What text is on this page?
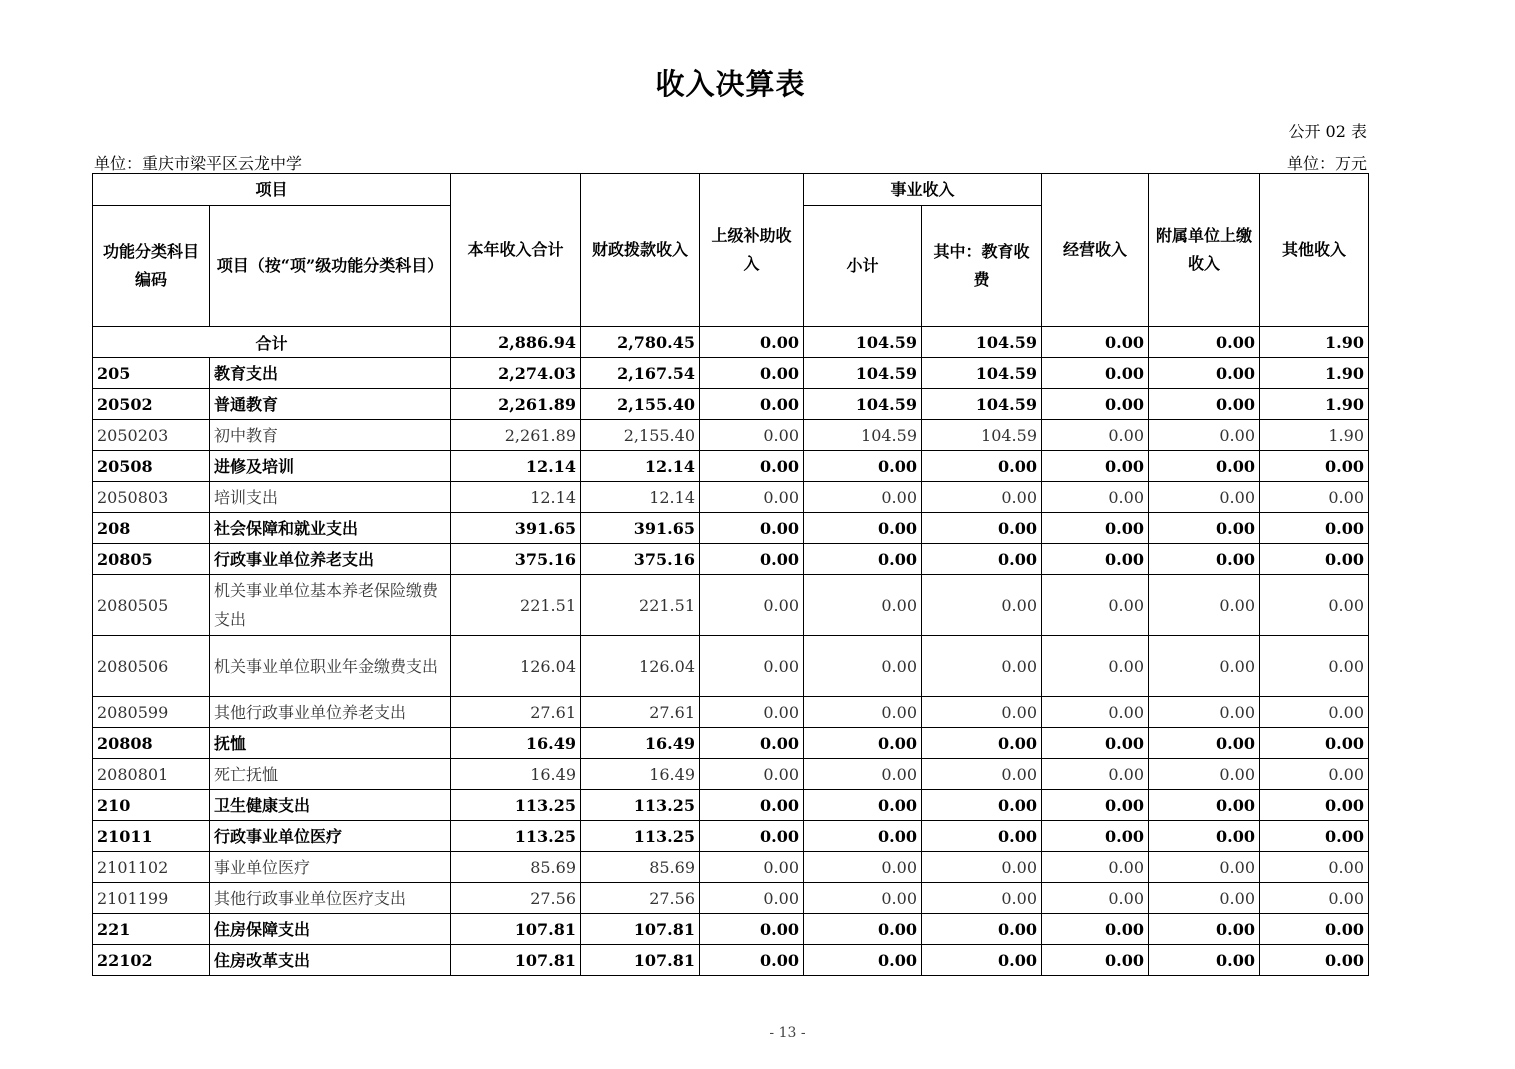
收入决算表
公开 02 表
单位：重庆市梁平区云龙中学	单位：万元
项目		本年收入合计	财政拨款收入	上级补助收入	事业收入		经营收入	附属单位上缴收入	其他收入
功能分类科目编码	项目（按“项”级功能分类科目）				小计	其中：教育收费			
合计		2,886.94	2,780.45	0.00	104.59	104.59	0.00	0.00	1.90
205	教育支出	2,274.03	2,167.54	0.00	104.59	104.59	0.00	0.00	1.90
20502	普通教育	2,261.89	2,155.40	0.00	104.59	104.59	0.00	0.00	1.90
2050203	初中教育	2,261.89	2,155.40	0.00	104.59	104.59	0.00	0.00	1.90
20508	进修及培训	12.14	12.14	0.00	0.00	0.00	0.00	0.00	0.00
2050803	培训支出	12.14	12.14	0.00	0.00	0.00	0.00	0.00	0.00
208	社会保障和就业支出	391.65	391.65	0.00	0.00	0.00	0.00	0.00	0.00
20805	行政事业单位养老支出	375.16	375.16	0.00	0.00	0.00	0.00	0.00	0.00
2080505	机关事业单位基本养老保险缴费支出	221.51	221.51	0.00	0.00	0.00	0.00	0.00	0.00
2080506	机关事业单位职业年金缴费支出	126.04	126.04	0.00	0.00	0.00	0.00	0.00	0.00
2080599	其他行政事业单位养老支出	27.61	27.61	0.00	0.00	0.00	0.00	0.00	0.00
20808	抚恤	16.49	16.49	0.00	0.00	0.00	0.00	0.00	0.00
2080801	死亡抚恤	16.49	16.49	0.00	0.00	0.00	0.00	0.00	0.00
210	卫生健康支出	113.25	113.25	0.00	0.00	0.00	0.00	0.00	0.00
21011	行政事业单位医疗	113.25	113.25	0.00	0.00	0.00	0.00	0.00	0.00
2101102	事业单位医疗	85.69	85.69	0.00	0.00	0.00	0.00	0.00	0.00
2101199	其他行政事业单位医疗支出	27.56	27.56	0.00	0.00	0.00	0.00	0.00	0.00
221	住房保障支出	107.81	107.81	0.00	0.00	0.00	0.00	0.00	0.00
22102	住房改革支出	107.81	107.81	0.00	0.00	0.00	0.00	0.00	0.00
- 13 -
